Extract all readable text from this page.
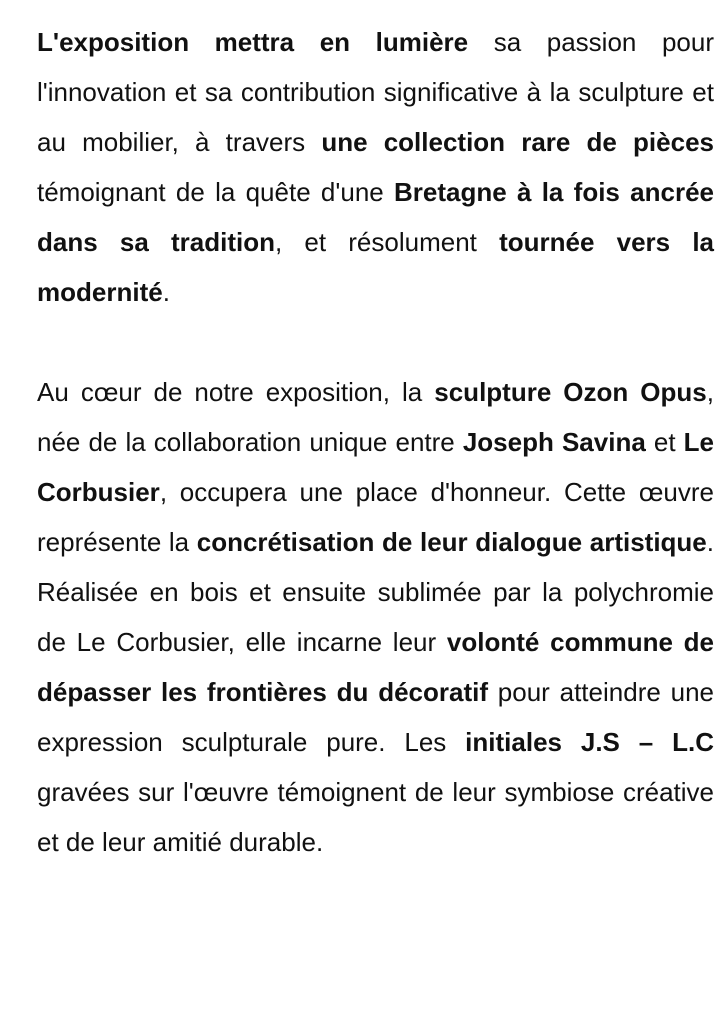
L'exposition mettra en lumière sa passion pour l'innovation et sa contribution significative à la sculpture et au mobilier, à travers une collection rare de pièces témoignant de la quête d'une Bretagne à la fois ancrée dans sa tradition, et résolument tournée vers la modernité.

Au cœur de notre exposition, la sculpture Ozon Opus, née de la collaboration unique entre Joseph Savina et Le Corbusier, occupera une place d'honneur. Cette œuvre représente la concrétisation de leur dialogue artistique. Réalisée en bois et ensuite sublimée par la polychromie de Le Corbusier, elle incarne leur volonté commune de dépasser les frontières du décoratif pour atteindre une expression sculpturale pure. Les initiales J.S – L.C gravées sur l'œuvre témoignent de leur symbiose créative et de leur amitié durable.
